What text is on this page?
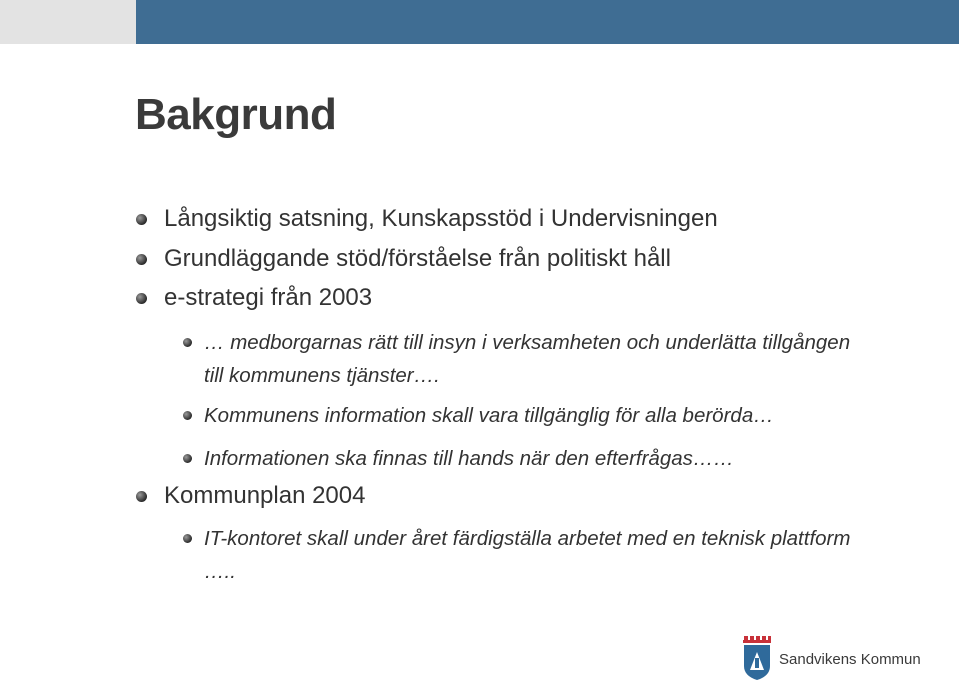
Bakgrund
Långsiktig satsning, Kunskapsstöd i Undervisningen
Grundläggande stöd/förståelse från politiskt håll
e-strategi från 2003
… medborgarnas rätt till insyn i verksamheten och underlätta tillgången till kommunens tjänster….
Kommunens information skall vara tillgänglig för alla berörda…
Informationen ska finnas till hands när den efterfrågas……
Kommunplan 2004
IT-kontoret skall under året färdigställa arbetet med en teknisk plattform …..
Sandvikens Kommun
